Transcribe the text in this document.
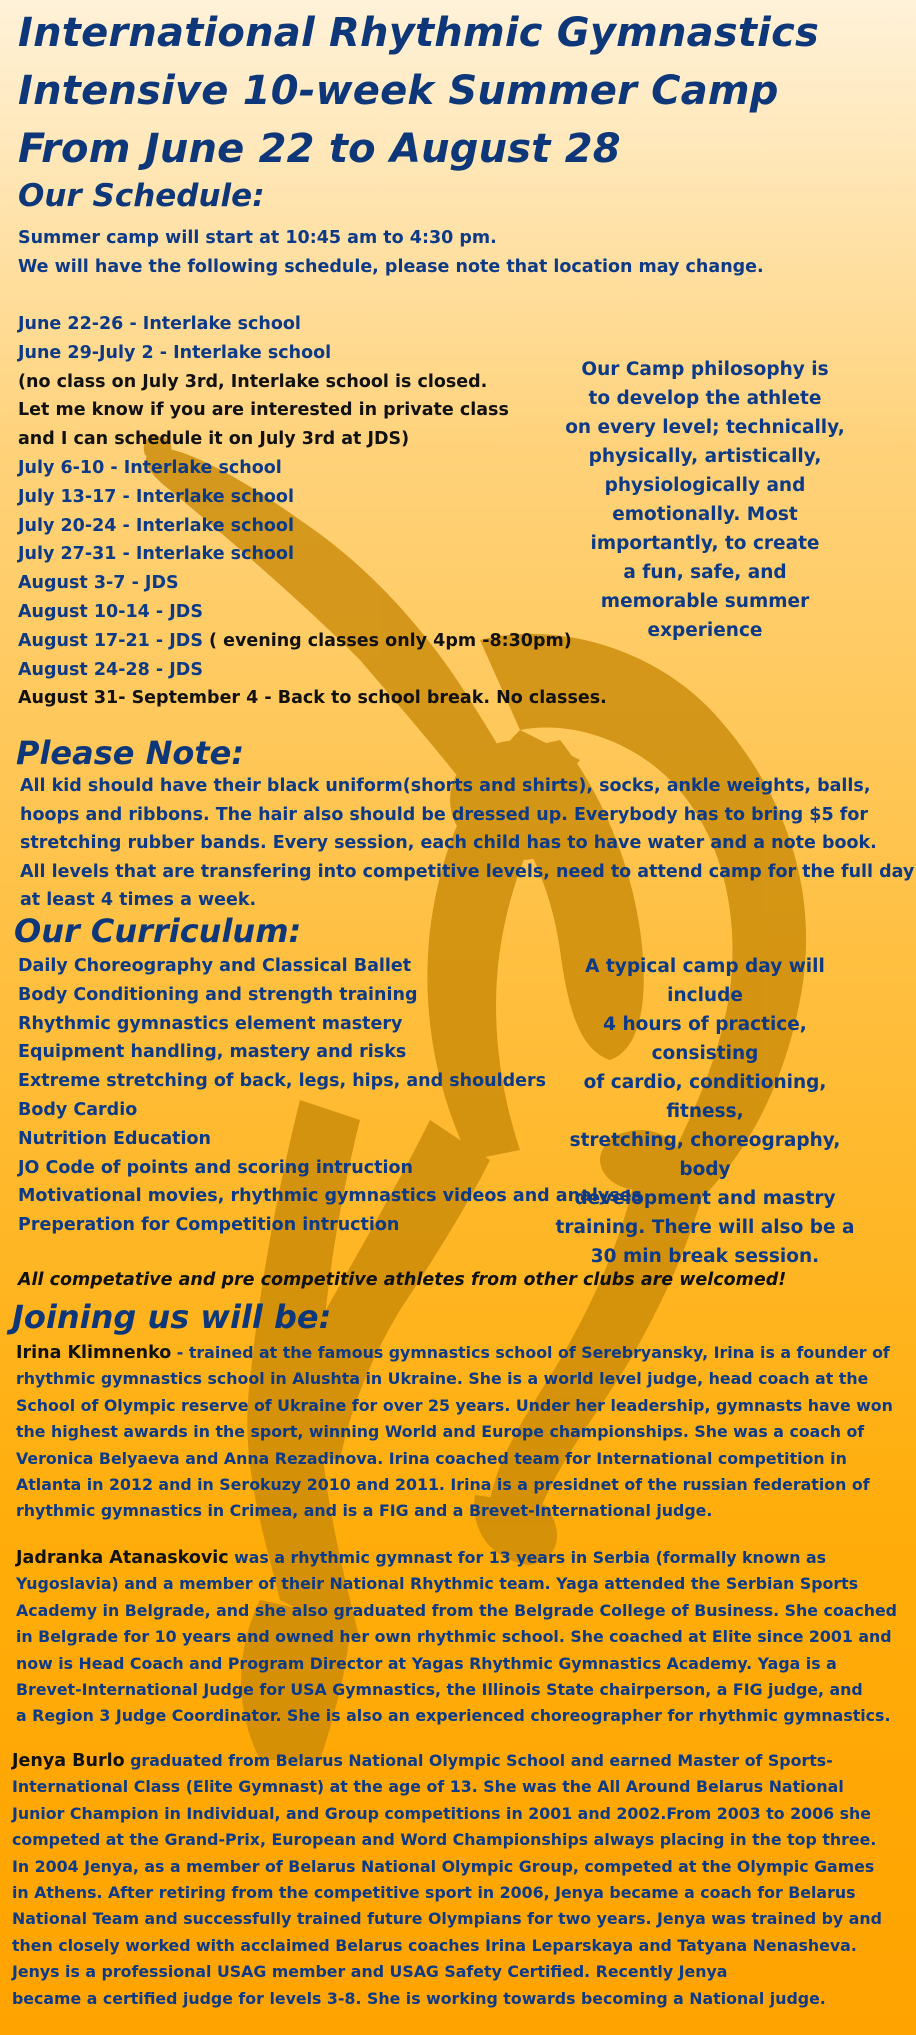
International Rhythmic Gymnastics
Intensive 10-week Summer Camp
From June 22 to August 28
Our Schedule:
Summer camp will start at 10:45 am to 4:30 pm.
We will have the following schedule, please note that location may change.
June 22-26 - Interlake school
June 29-July 2 - Interlake school
(no class on July 3rd, Interlake school is closed.
Let me know if you are interested in private class
and I can schedule it on July 3rd at JDS)
July 6-10 - Interlake school
July 13-17 - Interlake school
July 20-24 - Interlake school
July 27-31 - Interlake school
August 3-7 - JDS
August 10-14 - JDS
August 17-21 - JDS ( evening classes only 4pm -8:30pm)
August 24-28 - JDS
August 31- September 4 - Back to school break. No classes.
Our Camp philosophy is
to develop the athlete
on every level; technically,
physically, artistically,
physiologically and
emotionally. Most
importantly, to create
a fun, safe, and
memorable summer
experience
Please Note:
All kid should have their black uniform(shorts and shirts), socks, ankle weights, balls,
hoops and ribbons. The hair also should be dressed up. Everybody has to bring $5 for
stretching rubber bands. Every session, each child has to have water and a note book.
All levels that are transfering into competitive levels, need to attend camp for the full day
at least 4 times a week.
Our Curriculum:
Daily Choreography and Classical Ballet
Body Conditioning and strength training
Rhythmic gymnastics element mastery
Equipment handling, mastery and risks
Extreme stretching of back, legs, hips, and shoulders
Body Cardio
Nutrition Education
JO Code of points and scoring intruction
Motivational movies, rhythmic gymnastics videos and analyses
Preperation for Competition intruction
A typical camp day will include
4 hours of practice, consisting
of cardio, conditioning, fitness,
stretching, choreography, body
development and mastry
training. There will also be a
30 min break session.
All competative and pre competitive athletes from other clubs are welcomed!
Joining us will be:
Irina Klimnenko - trained at the famous gymnastics school of Serebryansky, Irina is a founder of
rhythmic gymnastics school in Alushta in Ukraine. She is a world level judge, head coach at the
School of Olympic reserve of Ukraine for over 25 years. Under her leadership, gymnasts have won
the highest awards in the sport, winning World and Europe championships. She was a coach of
Veronica Belyaeva and Anna Rezadinova. Irina coached team for International competition in
Atlanta in 2012 and in Serokuzy 2010 and 2011. Irina is a presidnet of the russian federation of
rhythmic gymnastics in Crimea, and is a FIG and a Brevet-International judge.
Jadranka Atanaskovic was a rhythmic gymnast for 13 years in Serbia (formally known as
Yugoslavia) and a member of their National Rhythmic team. Yaga attended the Serbian Sports
Academy in Belgrade, and she also graduated from the Belgrade College of Business. She coached
in Belgrade for 10 years and owned her own rhythmic school. She coached at Elite since 2001 and
now is Head Coach and Program Director at Yagas Rhythmic Gymnastics Academy. Yaga is a
Brevet-International Judge for USA Gymnastics, the Illinois State chairperson, a FIG judge, and
a Region 3 Judge Coordinator. She is also an experienced choreographer for rhythmic gymnastics.
Jenya Burlo graduated from Belarus National Olympic School and earned Master of Sports-
International Class (Elite Gymnast) at the age of 13. She was the All Around Belarus National
Junior Champion in Individual, and Group competitions in 2001 and 2002.From 2003 to 2006 she
competed at the Grand-Prix, European and Word Championships always placing in the top three.
In 2004 Jenya, as a member of Belarus National Olympic Group, competed at the Olympic Games
in Athens. After retiring from the competitive sport in 2006, Jenya became a coach for Belarus
National Team and successfully trained future Olympians for two years. Jenya was trained by and
then closely worked with acclaimed Belarus coaches Irina Leparskaya and Tatyana Nenasheva.
Jenys is a professional USAG member and USAG Safety Certified. Recently Jenya
became a certified judge for levels 3-8. She is working towards becoming a National judge.
